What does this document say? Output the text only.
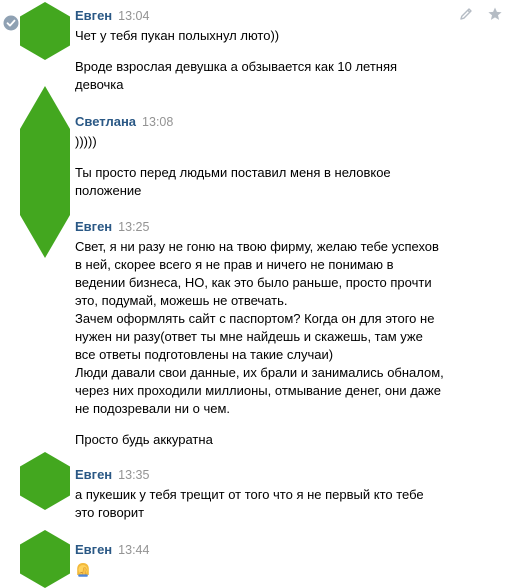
Евген 13:04
Чет у тебя пукан полыхнул люто))
Вроде взрослая девушка а обзывается как 10 летняя
девочка
Светлана 13:08
)))))
Ты просто перед людьми поставил меня в неловкое
положение
Евген 13:25
Свет, я ни разу не гоню на твою фирму, желаю тебе успехов
в ней, скорее всего я не прав и ничего не понимаю в
ведении бизнеса, НО, как это было раньше, просто прочти
это, подумай, можешь не отвечать.
Зачем оформлять сайт с паспортом? Когда он для этого не
нужен ни разу(ответ ты мне найдешь и скажешь, там уже
все ответы подготовлены на такие случаи)
Люди давали свои данные, их брали и занимались обналом,
через них проходили миллионы, отмывание денег, они даже
не подозревали ни о чем.
Просто будь аккуратна
Евген 13:35
а пукешик у тебя трещит от того что я не первый кто тебе
это говорит
Евген 13:44
